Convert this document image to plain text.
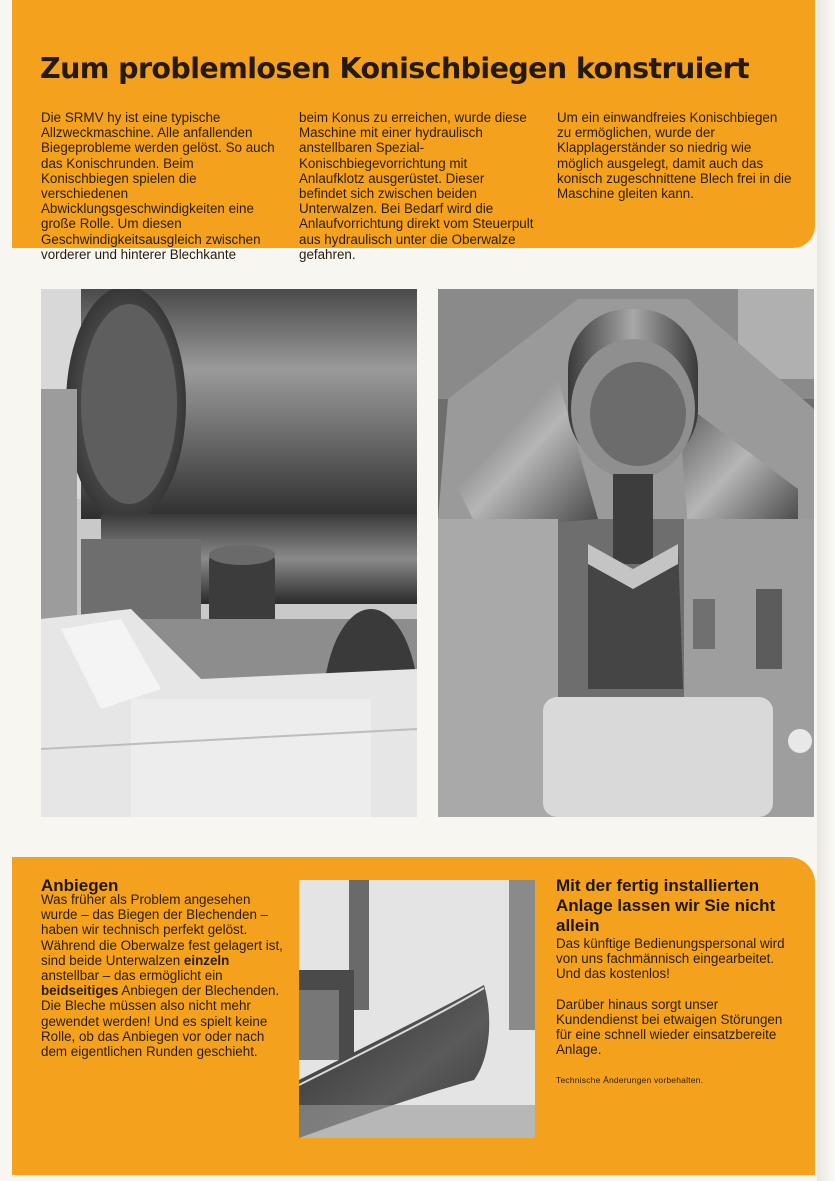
Zum problemlosen Konischbiegen konstruiert

Die SRMV hy ist eine typische Allzweckmaschine. Alle anfallenden Biegeprobleme werden gelöst. So auch das Konischrunden. Beim Konischbiegen spielen die verschiedenen Abwicklungsgeschwindigkeiten eine große Rolle. Um diesen Geschwindigkeitsausgleich zwischen vorderer und hinterer Blechkante

beim Konus zu erreichen, wurde diese Maschine mit einer hydraulisch anstellbaren Spezial-Konischbiegevorrichtung mit Anlaufklotz ausgerüstet. Dieser befindet sich zwischen beiden Unterwalzen. Bei Bedarf wird die Anlaufvorrichtung direkt vom Steuerpult aus hydraulisch unter die Oberwalze gefahren.

Um ein einwandfreies Konischbiegen zu ermöglichen, wurde der Klapplagerständer so niedrig wie möglich ausgelegt, damit auch das konisch zugeschnittene Blech frei in die Maschine gleiten kann.

Anbiegen
Was früher als Problem angesehen wurde – das Biegen der Blechenden – haben wir technisch perfekt gelöst. Während die Oberwalze fest gelagert ist, sind beide Unterwalzen einzeln anstellbar – das ermöglicht ein beidseitiges Anbiegen der Blechenden. Die Bleche müssen also nicht mehr gewendet werden! Und es spielt keine Rolle, ob das Anbiegen vor oder nach dem eigentlichen Runden geschieht.
Mit der fertig installierten Anlage lassen wir Sie nicht allein

Das künftige Bedienungspersonal wird von uns fachmännisch eingearbeitet. Und das kostenlos!

Darüber hinaus sorgt unser Kundendienst bei etwaigen Störungen für eine schnell wieder einsatzbereite Anlage.

Technische Änderungen vorbehalten.
